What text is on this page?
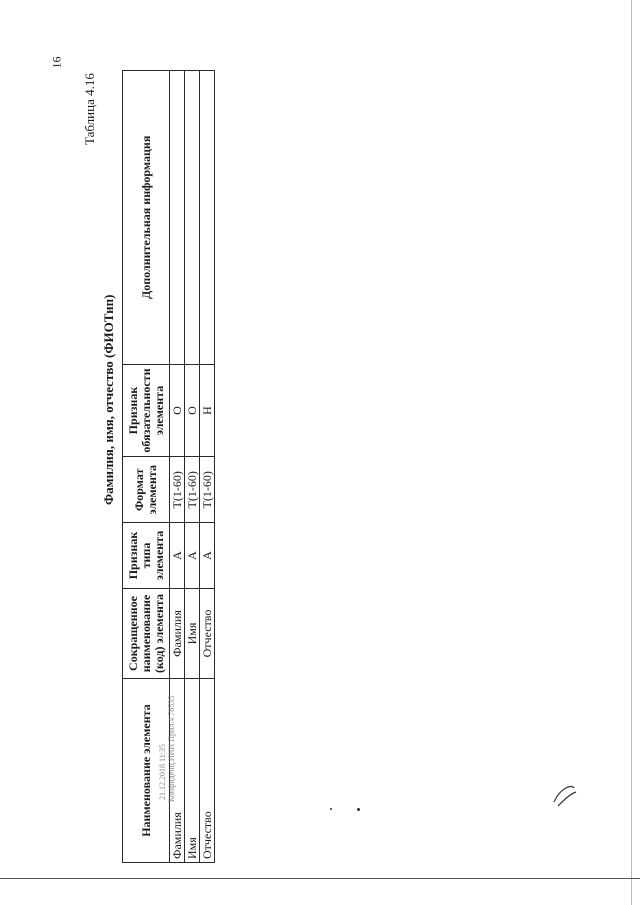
16
Таблица 4.16
Фамилия, имя, отчество (ФИОТип)
Наименование элемента	Сокращенное наименование (код) элемента	Признак типа элемента	Формат элемента	Признак обязательности элемента	Дополнительная информация
Фамилия	Фамилия	А	Т(1-60)	О	
Имя	Имя	А	Т(1-60)	О	
Отчество	Отчество	А	Т(1-60)	Н	
21.12.2018 11:35 Конфиденц.НИИ Прил.4 78535
